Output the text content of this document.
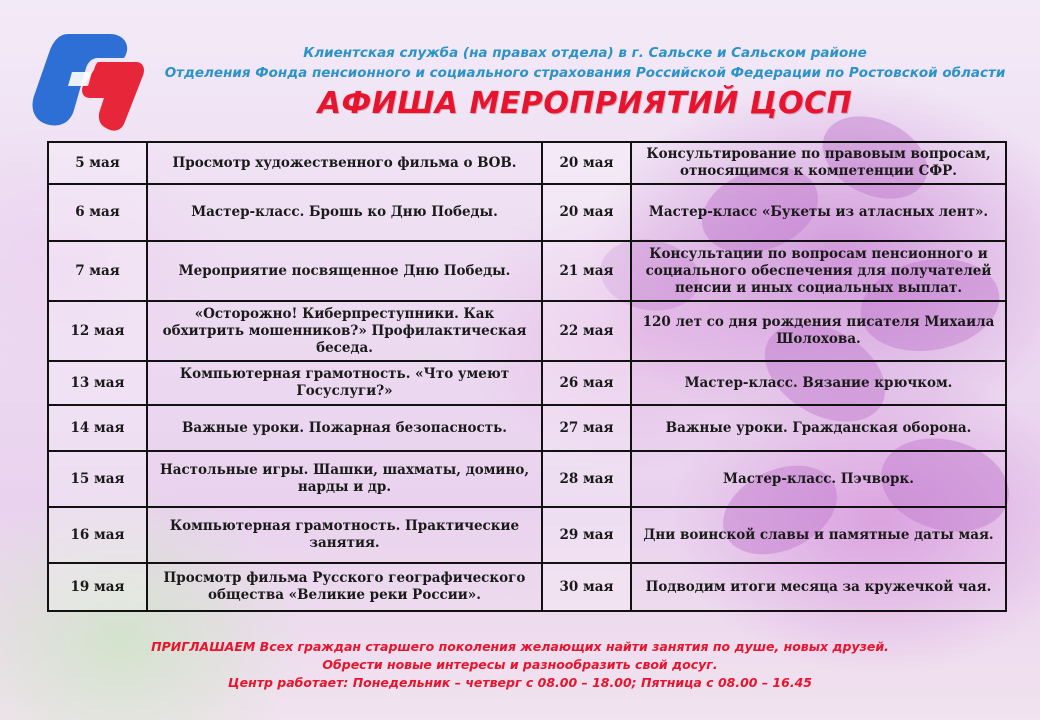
Клиентская служба (на правах отдела) в г. Сальске и Сальском районе
Отделения Фонда пенсионного и социального страхования Российской Федерации по Ростовской области
АФИША МЕРОПРИЯТИЙ ЦОСП
5 мая	Просмотр художественного фильма о ВОВ.	20 мая	Консультирование по правовым вопросам, относящимся к компетенции СФР.
6 мая	Мастер-класс. Брошь ко Дню Победы.	20 мая	Мастер-класс «Букеты из атласных лент».
7 мая	Мероприятие посвященное Дню Победы.	21 мая	Консультации по вопросам пенсионного и социального обеспечения для получателей пенсии и иных социальных выплат.
12 мая	«Осторожно! Киберпреступники. Как обхитрить мошенников?» Профилактическая беседа.	22 мая	120 лет со дня рождения писателя Михаила Шолохова.
13 мая	Компьютерная грамотность. «Что умеют Госуслуги?»	26 мая	Мастер-класс. Вязание крючком.
14 мая	Важные уроки. Пожарная безопасность.	27 мая	Важные уроки. Гражданская оборона.
15 мая	Настольные игры. Шашки, шахматы, домино, нарды и др.	28 мая	Мастер-класс. Пэчворк.
16 мая	Компьютерная грамотность. Практические занятия.	29 мая	Дни воинской славы и памятные даты мая.
19 мая	Просмотр фильма Русского географического общества «Великие реки России».	30 мая	Подводим итоги месяца за кружечкой чая.
ПРИГЛАШАЕМ Всех граждан старшего поколения желающих найти занятия по душе, новых друзей.
Обрести новые интересы и разнообразить свой досуг.
Центр работает: Понедельник – четверг с 08.00 – 18.00; Пятница с 08.00 – 16.45
